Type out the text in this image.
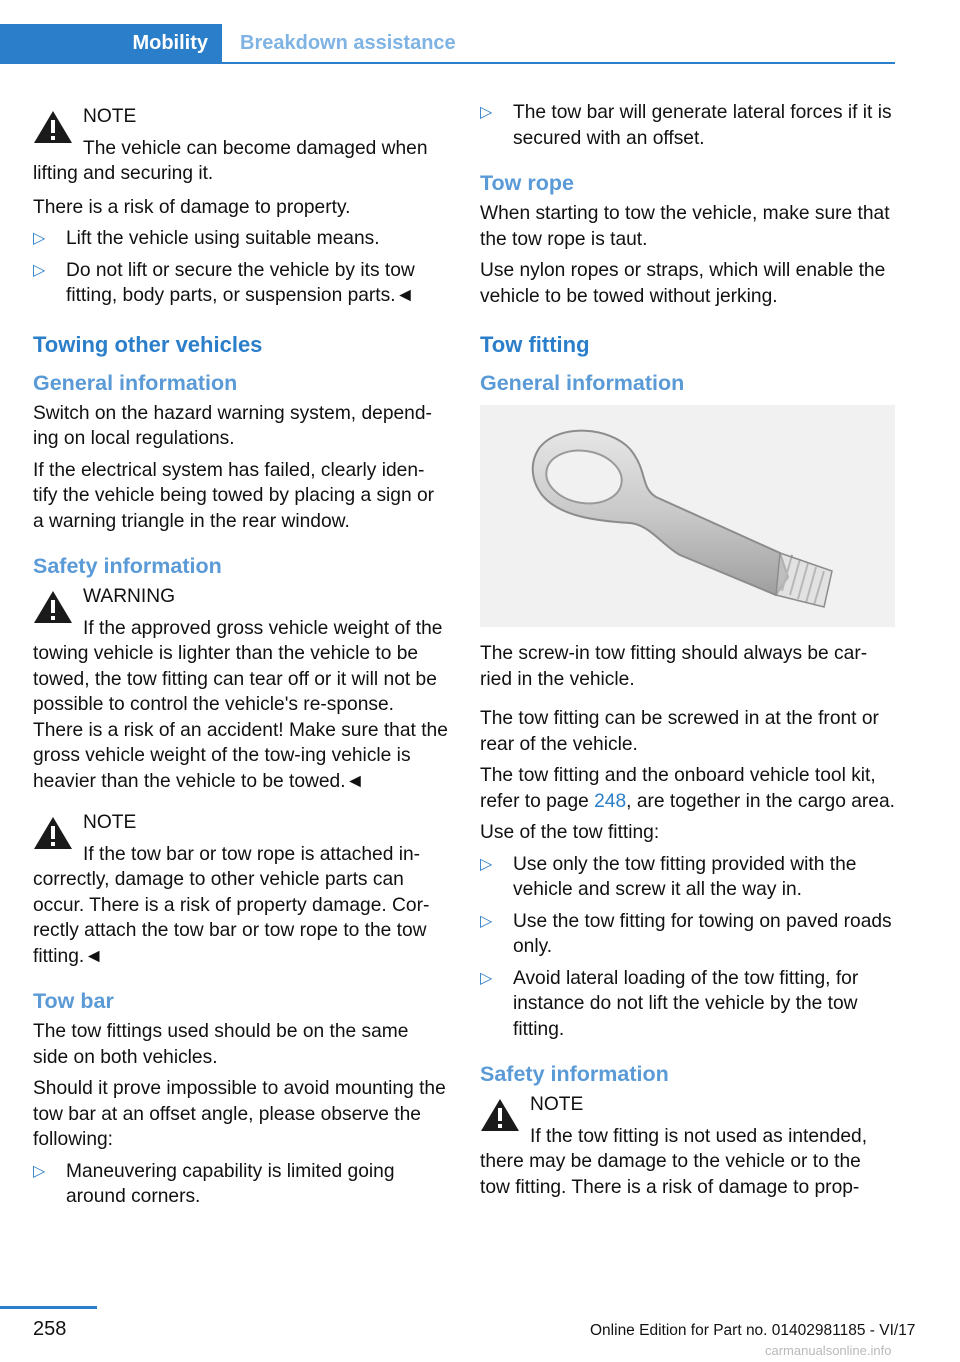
Mobility Breakdown assistance
NOTE
The vehicle can become damaged when lifting and securing it.

There is a risk of damage to property.

▷ Lift the vehicle using suitable means.
▷ Do not lift or secure the vehicle by its tow fitting, body parts, or suspension parts.◄
Towing other vehicles
General information

Switch on the hazard warning system, depend‐ing on local regulations.

If the electrical system has failed, clearly iden‐tify the vehicle being towed by placing a sign or a warning triangle in the rear window.

Safety information
WARNING
If the approved gross vehicle weight of the towing vehicle is lighter than the vehicle to be towed, the tow fitting can tear off or it will not be possible to control the vehicle's re‐sponse. There is a risk of an accident! Make sure that the gross vehicle weight of the tow‐ing vehicle is heavier than the vehicle to be towed.◄
NOTE
If the tow bar or tow rope is attached in‐correctly, damage to other vehicle parts can occur. There is a risk of property damage. Cor‐rectly attach the tow bar or tow rope to the tow fitting.◄
Tow bar

The tow fittings used should be on the same side on both vehicles.

Should it prove impossible to avoid mounting the tow bar at an offset angle, please observe the following:

▷ Maneuvering capability is limited going around corners.
▷ The tow bar will generate lateral forces if it is secured with an offset.
Tow rope

When starting to tow the vehicle, make sure that the tow rope is taut.

Use nylon ropes or straps, which will enable the vehicle to be towed without jerking.

Tow fitting
General information

The screw-in tow fitting should always be car‐ried in the vehicle.

The tow fitting can be screwed in at the front or rear of the vehicle.

The tow fitting and the onboard vehicle tool kit, refer to page 248, are together in the cargo area.

Use of the tow fitting:

▷ Use only the tow fitting provided with the vehicle and screw it all the way in.
▷ Use the tow fitting for towing on paved roads only.
▷ Avoid lateral loading of the tow fitting, for instance do not lift the vehicle by the tow fitting.
Safety information
NOTE
If the tow fitting is not used as intended, there may be damage to the vehicle or to the tow fitting. There is a risk of damage to prop‐
258	Online Edition for Part no. 01402981185 - VI/17
carmanualsonline.info
